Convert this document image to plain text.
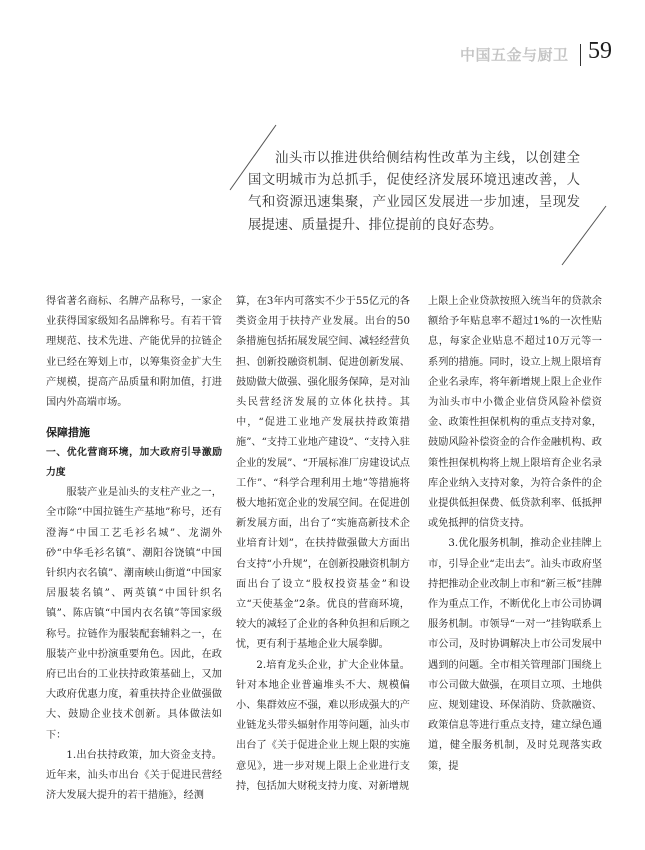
中国五金与厨卫 59
汕头市以推进供给侧结构性改革为主线，以创建全国文明城市为总抓手，促使经济发展环境迅速改善，人气和资源迅速集聚，产业园区发展进一步加速，呈现发展提速、质量提升、排位提前的良好态势。

得省著名商标、名牌产品称号，一家企业获得国家级知名品牌称号。有若干管理规范、技术先进、产能优异的拉链企业已经在筹划上市，以筹集资金扩大生产规模，提高产品质量和附加值，打进国内外高端市场。

保障措施
一、优化营商环境，加大政府引导激励力度

服装产业是汕头的支柱产业之一，全市除“中国拉链生产基地”称号，还有澄海“中国工艺毛衫名城”、龙湖外砂“中华毛衫名镇”、潮阳谷饶镇“中国针织内衣名镇”、潮南峡山街道“中国家居服装名镇”、两英镇“中国针织名镇”、陈店镇“中国内衣名镇”等国家级称号。拉链作为服装配套辅料之一，在服装产业中扮演重要角色。因此，在政府已出台的工业扶持政策基础上，又加大政府优惠力度，着重扶持企业做强做大、鼓励企业技术创新。具体做法如下：

1.出台扶持政策，加大资金支持。近年来，汕头市出台《关于促进民营经济大发展大提升的若干措施》，经测

算，在3年内可落实不少于55亿元的各类资金用于扶持产业发展。出台的50条措施包括拓展发展空间、减轻经营负担、创新投融资机制、促进创新发展、鼓励做大做强、强化服务保障，是对汕头民营经济发展的立体化扶持。其中，“促进工业地产发展扶持政策措施”、“支持工业地产建设”、“支持入驻企业的发展”、“开展标准厂房建设试点工作”、“科学合理利用土地”等措施将极大地拓宽企业的发展空间。在促进创新发展方面，出台了“实施高新技术企业培育计划”，在扶持做强做大方面出台支持“小升规”，在创新投融资机制方面出台了设立“股权投资基金”和设立“天使基金”2条。优良的营商环境，较大的减轻了企业的各种负担和后顾之忧，更有利于基地企业大展拳脚。

2.培育龙头企业，扩大企业体量。针对本地企业普遍堆头不大、规模偏小、集群效应不强，难以形成强大的产业链龙头带头辐射作用等问题，汕头市出台了《关于促进企业上规上限的实施意见》，进一步对规上限上企业进行支持，包括加大财税支持力度、对新增规

上限上企业贷款按照入统当年的贷款余额给予年贴息率不超过1%的一次性贴息，每家企业贴息不超过10万元等一系列的措施。同时，设立上规上限培育企业名录库，将年新增规上限上企业作为汕头市中小微企业信贷风险补偿资金、政策性担保机构的重点支持对象，鼓励风险补偿资金的合作金融机构、政策性担保机构将上规上限培育企业名录库企业纳入支持对象，为符合条件的企业提供低担保费、低贷款利率、低抵押或免抵押的信贷支持。

3.优化服务机制，推动企业挂牌上市，引导企业“走出去”。汕头市政府坚持把推动企业改制上市和“新三板”挂牌作为重点工作，不断优化上市公司协调服务机制。市领导“一对一”挂钩联系上市公司，及时协调解决上市公司发展中遇到的问题。全市相关管理部门围绕上市公司做大做强，在项目立项、土地供应、规划建设、环保消防、贷款融资、政策信息等进行重点支持，建立绿色通道，健全服务机制，及时兑现落实政策，提
